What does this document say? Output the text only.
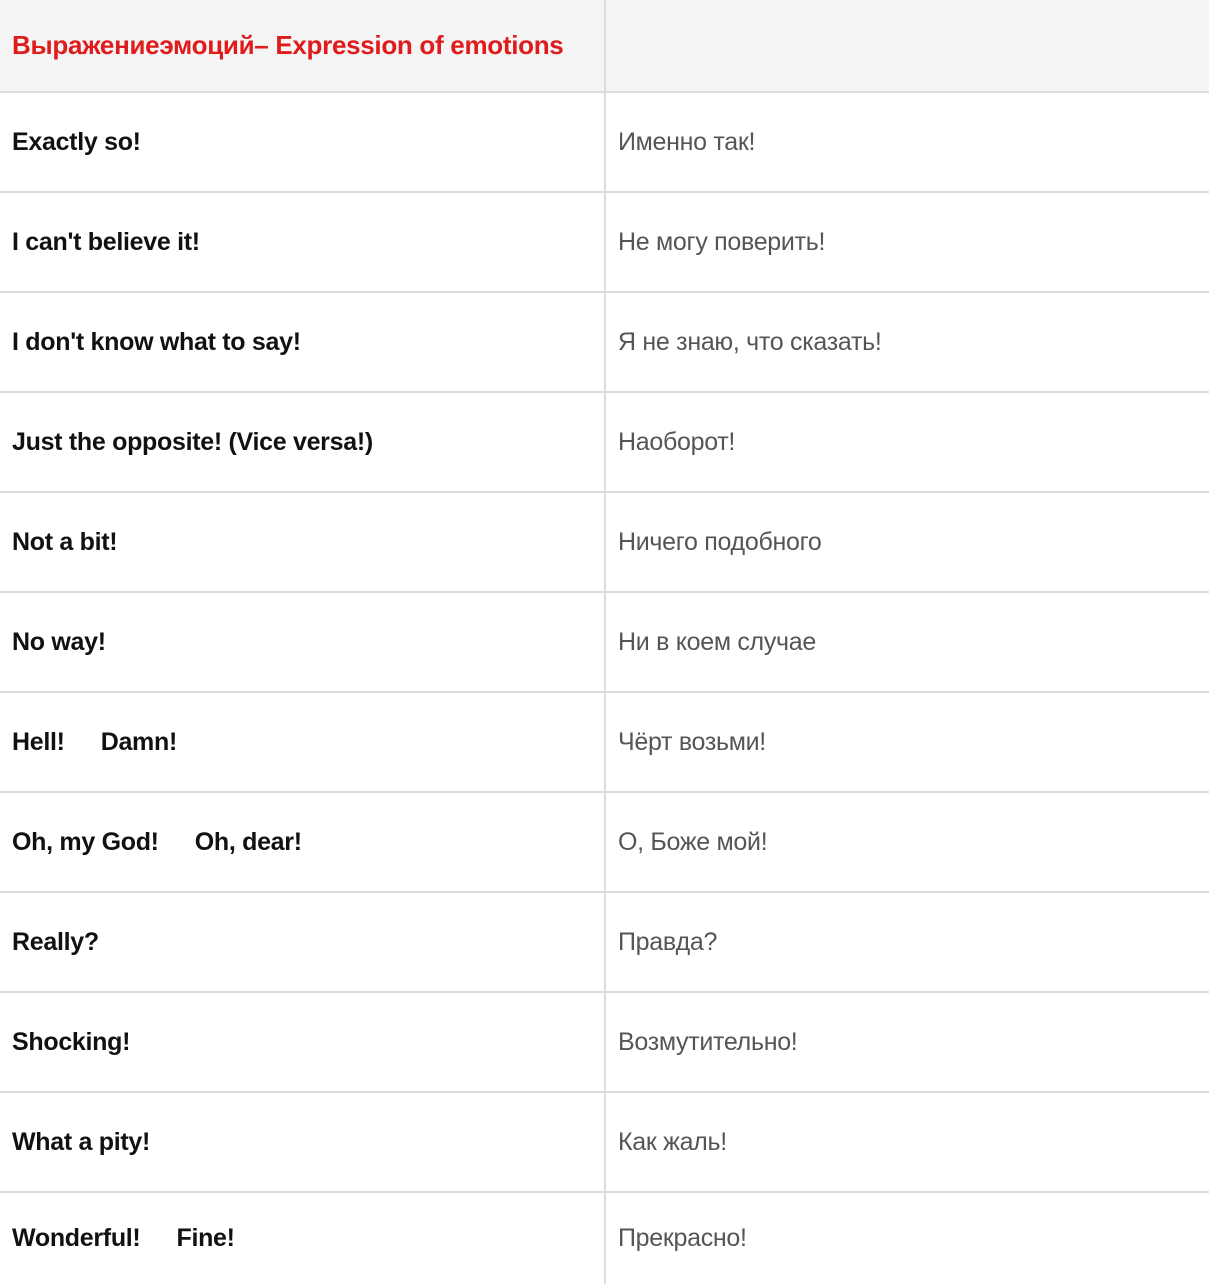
Выражениеэмоций– Expression of emotions	
Exactly so!	Именно так!
I can't believe it!	Не могу поверить!
I don't know what to say!	Я не знаю, что сказать!
Just the opposite! (Vice versa!)	Наоборот!
Not a bit!	Ничего подобного
No way!	Ни в коем случае
Hell! Damn!	Чёрт возьми!
Oh, my God! Oh, dear!	О, Боже мой!
Really?	Правда?
Shocking!	Возмутительно!
What a pity!	Как жаль!
Wonderful! Fine!	Прекрасно!
